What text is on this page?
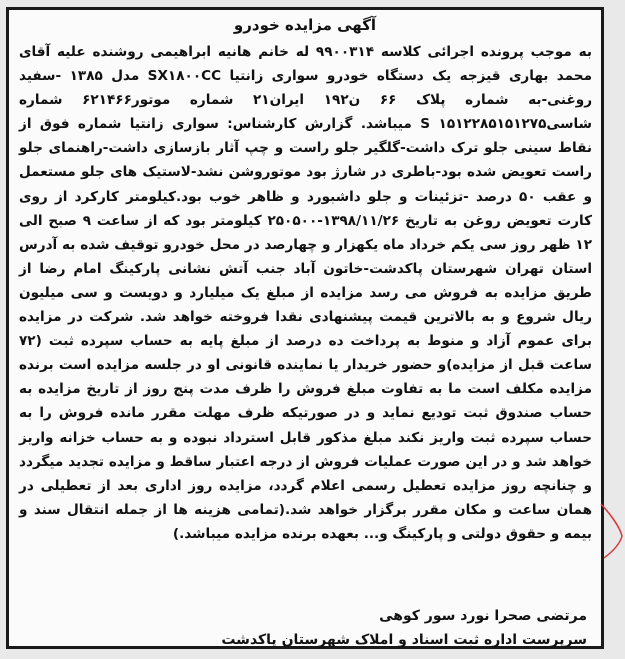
آگهی مزایده خودرو
به موجب پرونده اجرائی کلاسه ۹۹۰۰۳۱۴ له خانم هانیه ابراهیمی روشنده علیه آقای محمد بهاری قیزجه یک دستگاه خودرو سواری زانتیا SX۱۸۰۰CC مدل ۱۳۸۵ -سفید روغنی-به شماره پلاک ۶۶ ن۱۹۲ ایران۲۱ شماره موتور۶۲۱۴۶۶ شماره شاسی۱۵۱۲۲۸۵۱۵۱۲۷۵ S میباشد. گزارش کارشناس: سواری زانتیا شماره فوق از نقاط سینی جلو ترک داشت-گلگیر جلو راست و چپ آثار بازسازی داشت-راهنمای جلو راست تعویض شده بود-باطری در شارژ بود موتوروشن نشد-لاستیک های جلو مستعمل و عقب ۵۰ درصد -تزئینات و جلو داشبورد و ظاهر خوب بود.کیلومتر کارکرد از روی کارت تعویض روغن به تاریخ ۱۳۹۸/۱۱/۲۶-۲۵۰۵۰۰ کیلومتر بود که از ساعت ۹ صبح الی ۱۲ ظهر روز سی یکم خرداد ماه یکهزار و چهارصد در محل خودرو توقیف شده به آدرس استان تهران شهرستان پاکدشت-خاتون آباد جنب آتش نشانی پارکینگ امام رضا از طریق مزایده به فروش می رسد مزایده از مبلغ یک میلیارد و دویست و سی میلیون ریال شروع و به بالاترین قیمت پیشنهادی نقدا فروخته خواهد شد. شرکت در مزایده برای عموم آزاد و منوط به پرداخت ده درصد از مبلغ پایه به حساب سپرده ثبت (۷۲ ساعت قبل از مزایده)و حضور خریدار یا نماینده قانونی او در جلسه مزایده است برنده مزایده مکلف است ما به تفاوت مبلغ فروش را ظرف مدت پنج روز از تاریخ مزایده به حساب صندوق ثبت تودیع نماید و در صورتیکه ظرف مهلت مقرر مانده فروش را به حساب سپرده ثبت واریز نکند مبلغ مذکور قابل استرداد نبوده و به حساب خزانه واریز خواهد شد و در این صورت عملیات فروش از درجه اعتبار ساقط و مزایده تجدید میگردد و چنانچه روز مزایده تعطیل رسمی اعلام گردد، مزایده روز اداری بعد از تعطیلی در همان ساعت و مکان مقرر برگزار خواهد شد.(تمامی هزینه ها از جمله انتقال سند و بیمه و حقوق دولتی و پارکینگ و... بعهده برنده مزایده میباشد.)
مرتضی صحرا نورد سور کوهی
سرپرست اداره ثبت اسناد و املاک شهرستان پاکدشت
